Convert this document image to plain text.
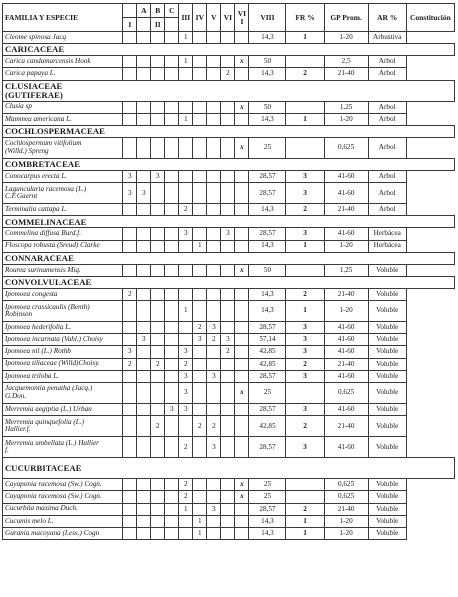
FAMILIA Y ESPECIE		A	B	C	III	IV	V	VI	VI
I	VIII	FR %	GP Prom.	AR %	Constitución
	I		II											
Cleome spinosa Jacq					1					14,3	1	1-20	Arbustiva	
CARICACEAE														
Carica candamarcensis Hook					1				x	50		2,5	Arbol	
Carica papaya L.								2		14,3	2	21-40	Arbol	
CLUSIACEAE
(GUTIFERAE)														
Clusia sp									x	50		1,25	Arbol	
Mammea americana L.					1					14,3	1	1-20	Arbol	
COCHLOSPERMACEAE														
Cochlospermum vitifolium
(Willd.) Spreng									x	25		0,625	Arbol	
COMBRETACEAE														
Conocarpus erecta L.	3		3							28,57	3	41-60	Arbol	
Laguncularia racemosa (L.)
C.F.Gaernt	3	3								28,57	3	41-60	Arbol	
Terminalia cattapa L.					2					14,3	2	21-40	Arbol	
COMMELINACEAE														
Commelina diffusa Burd.f.					3			3		28,57	3	41-60	Herbácea	
Floscopa robusta (Sreud) Clarke						1				14,3	1	1-20	Herbácea	
CONNARACEAE														
Rourea surinamensis Miq.									x	50		1,25	Voluble	
CONVOLVULACEAE														
Ipomoea congesta	2									14,3	2	21-40	Voluble	
Ipomoea crassicaulis (Benth)
Robinson					1					14,3	1	1-20	Voluble	
Ipomoea hederifolia L.						2	3			28,57	3	41-60	Voluble	
Ipomoea incarnata (Vahl.) Choisy		3				3	2	3		57,14	3	41-60	Voluble	
Ipomoea nil (L.) Rothb	3				3			2		42,85	3	41-60	Voluble	
Ipomoea tiliaceae (Willd)Choisy.	2		2		2					42,85	2	21-40	Voluble	
Ipomoea triloba L.					3		3			28,57	3	41-60	Voluble	
Jacquemontia penatha (Jacq.)
G.Don.					3				x	25		0,625	Voluble	
Merremia aegiptia (L.) Urban				3	3					28,57	3	41-60	Voluble	
Merremia quinquefolia (L.)
Hallier.f.			2			2	2			42,85	2	21-40	Voluble	
Merremia umbellata (L.) Hallier
f.					2		3			28,57	3	41-60	Voluble	
CUCURBITACEAE														
Cayaponia racemosa (Sw.) Cogn.					2				x	25		0,625	Voluble	
Cayaponia racemosa (Sw.) Cogn.					2				x	25		0,625	Voluble	
Cucurbita maxima Duch.					1		3			28,57	2	21-40	Voluble	
Cucumis melo L.						1				14,3	1	1-20	Voluble	
Gurania macoyana (Less.) Cogn						1				14,3	1	1-20	Voluble	
